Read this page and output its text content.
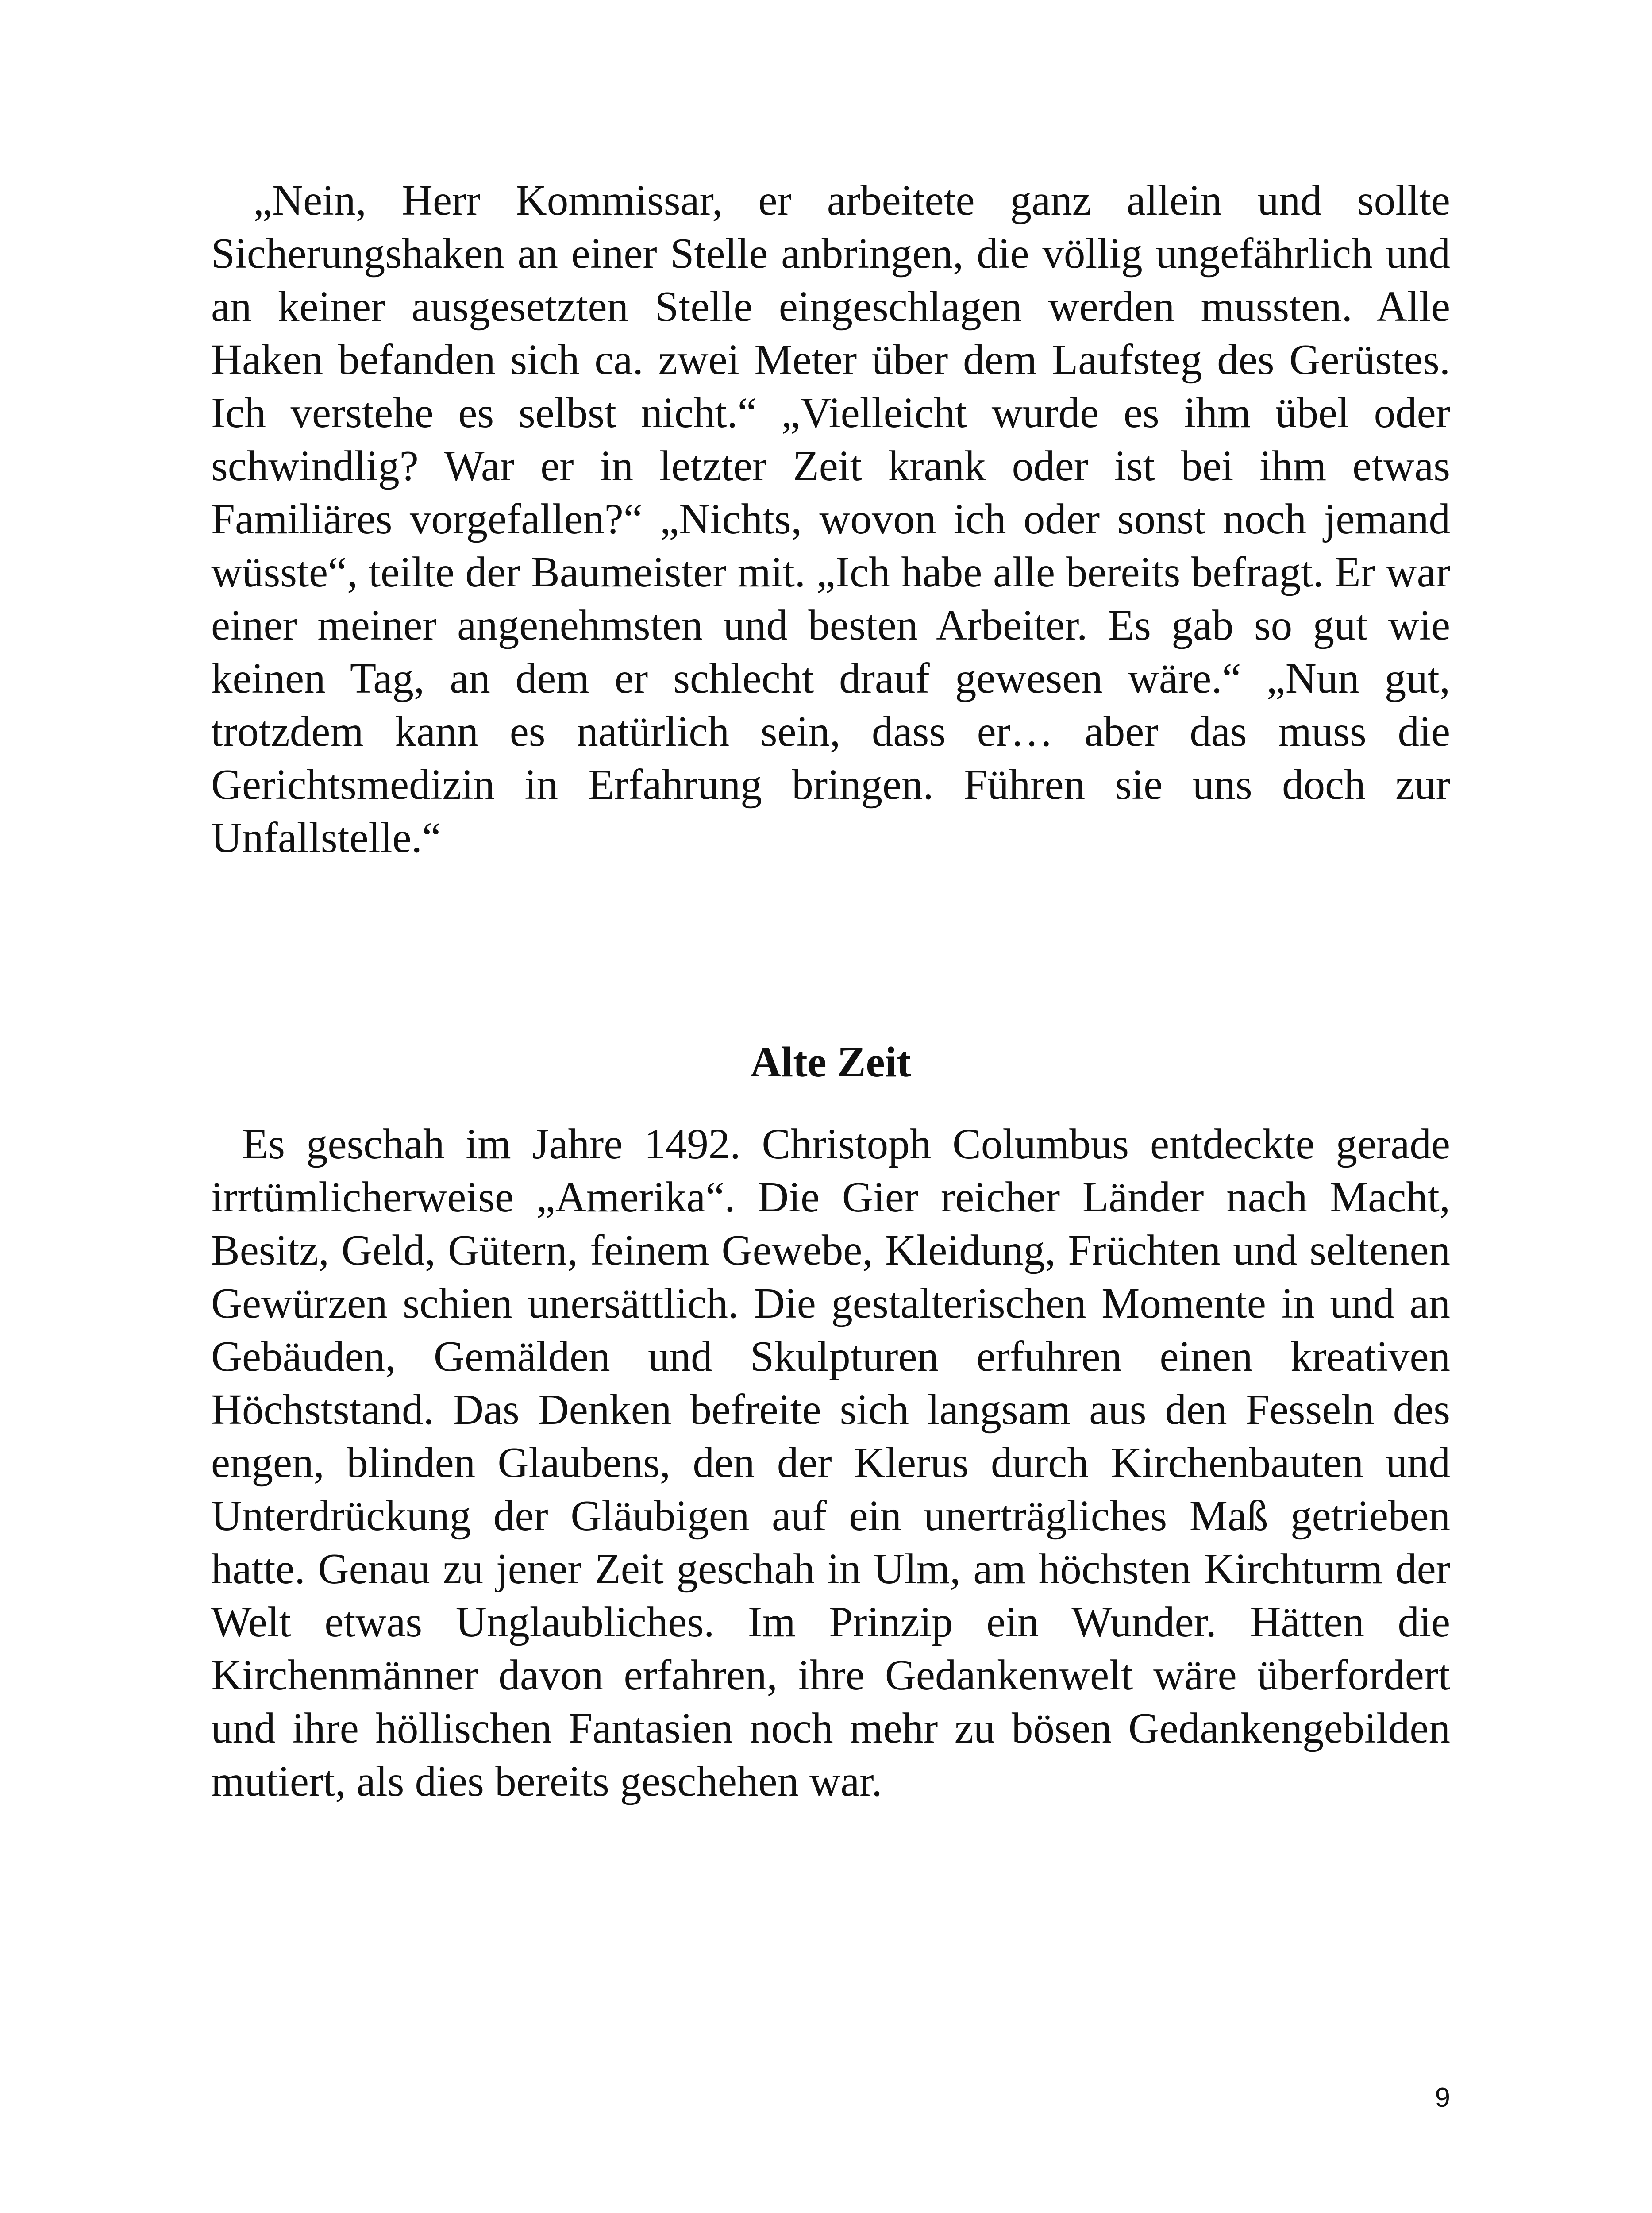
„Nein, Herr Kommissar, er arbeitete ganz allein und sollte Sicherungshaken an einer Stelle anbringen, die völlig ungefährlich und an keiner ausgesetzten Stelle eingeschlagen werden mussten. Alle Haken befanden sich ca. zwei Meter über dem Laufsteg des Gerüstes. Ich verstehe es selbst nicht.“ „Vielleicht wurde es ihm übel oder schwindlig? War er in letzter Zeit krank oder ist bei ihm etwas Familiäres vorgefallen?“ „Nichts, wovon ich oder sonst noch jemand wüsste“, teilte der Baumeister mit. „Ich habe alle bereits befragt. Er war einer meiner angenehmsten und besten Arbeiter. Es gab so gut wie keinen Tag, an dem er schlecht drauf gewesen wäre.“ „Nun gut, trotzdem kann es natürlich sein, dass er… aber das muss die Gerichtsmedizin in Erfahrung bringen. Führen sie uns doch zur Unfallstelle.“

Alte Zeit

Es geschah im Jahre 1492. Christoph Columbus entdeckte gerade irrtümlicherweise „Amerika“. Die Gier reicher Länder nach Macht, Besitz, Geld, Gütern, feinem Gewebe, Kleidung, Früchten und seltenen Gewürzen schien unersättlich. Die gestalterischen Momente in und an Gebäuden, Gemälden und Skulpturen erfuhren einen kreativen Höchststand. Das Denken befreite sich langsam aus den Fesseln des engen, blinden Glaubens, den der Klerus durch Kirchenbauten und Unterdrückung der Gläubigen auf ein unerträgliches Maß getrieben hatte. Genau zu jener Zeit geschah in Ulm, am höchsten Kirchturm der Welt etwas Unglaubliches. Im Prinzip ein Wunder. Hätten die Kirchenmänner davon erfahren, ihre Gedankenwelt wäre überfordert und ihre höllischen Fantasien noch mehr zu bösen Gedankengebilden mutiert, als dies bereits geschehen war.

9
